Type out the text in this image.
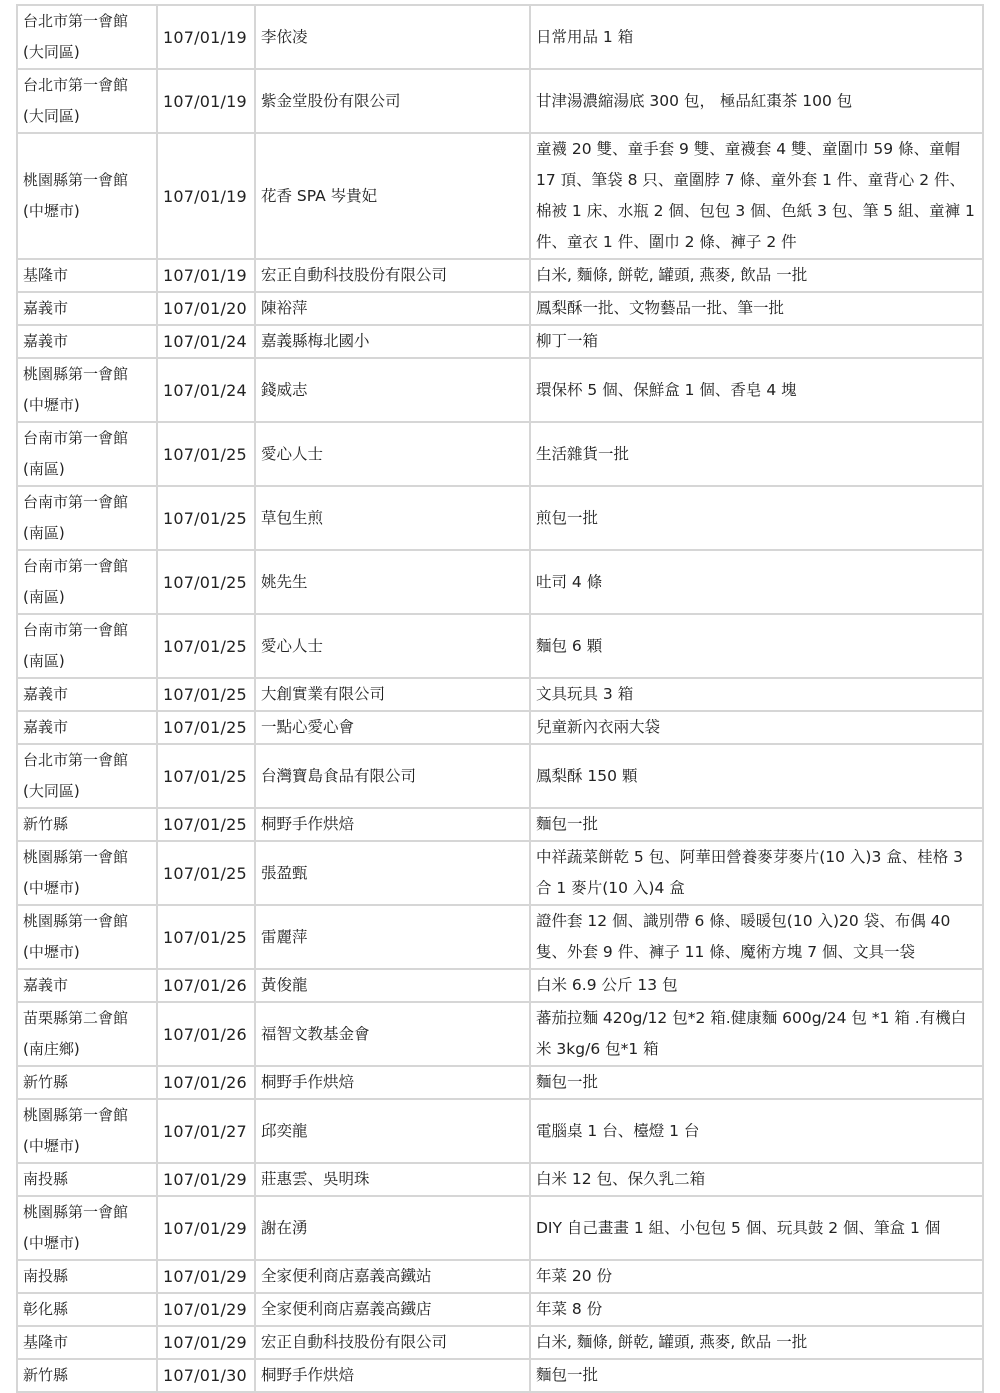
台北市第一會館
(大同區)	107/01/19	李依凌	日常用品 1 箱

台北市第一會館
(大同區)	107/01/19	紫金堂股份有限公司	甘津湯濃縮湯底 300 包， 極品紅棗茶 100 包

桃園縣第一會館
(中壢市)	107/01/19	花香 SPA 岑貴妃	童襪 20 雙、童手套 9 雙、童襪套 4 雙、童圍巾 59 條、童帽 17 頂、筆袋 8 只、童圍脖 7 條、童外套 1 件、童背心 2 件、棉被 1 床、水瓶 2 個、包包 3 個、色紙 3 包、筆 5 組、童褲 1 件、童衣 1 件、圍巾 2 條、褲子 2 件

基隆市	107/01/19	宏正自動科技股份有限公司	白米, 麵條, 餅乾, 罐頭, 燕麥, 飲品 一批

嘉義市	107/01/20	陳裕萍	鳳梨酥一批、文物藝品一批、筆一批

嘉義市	107/01/24	嘉義縣梅北國小	柳丁一箱

桃園縣第一會館
(中壢市)	107/01/24	錢威志	環保杯 5 個、保鮮盒 1 個、香皂 4 塊

台南市第一會館
(南區)	107/01/25	愛心人士	生活雜貨一批

台南市第一會館
(南區)	107/01/25	草包生煎	煎包一批

台南市第一會館
(南區)	107/01/25	姚先生	吐司 4 條

台南市第一會館
(南區)	107/01/25	愛心人士	麵包 6 顆

嘉義市	107/01/25	大創實業有限公司	文具玩具 3 箱

嘉義市	107/01/25	一點心愛心會	兒童新內衣兩大袋

台北市第一會館
(大同區)	107/01/25	台灣寶島食品有限公司	鳳梨酥 150 顆

新竹縣	107/01/25	桐野手作烘焙	麵包一批

桃園縣第一會館
(中壢市)	107/01/25	張盈甄	中祥蔬菜餅乾 5 包、阿華田營養麥芽麥片(10 入)3 盒、桂格 3 合 1 麥片(10 入)4 盒

桃園縣第一會館
(中壢市)	107/01/25	雷麗萍	證件套 12 個、識別帶 6 條、暖暖包(10 入)20 袋、布偶 40 隻、外套 9 件、褲子 11 條、魔術方塊 7 個、文具一袋

嘉義市	107/01/26	黃俊龍	白米 6.9 公斤 13 包

苗栗縣第二會館
(南庄鄉)	107/01/26	福智文教基金會	蕃茄拉麵 420g/12 包*2 箱.健康麵 600g/24 包 *1 箱 .有機白米 3kg/6 包*1 箱

新竹縣	107/01/26	桐野手作烘焙	麵包一批

桃園縣第一會館
(中壢市)	107/01/27	邱奕龍	電腦桌 1 台、檯燈 1 台

南投縣	107/01/29	莊惠雲、吳明珠	白米 12 包、保久乳二箱

桃園縣第一會館
(中壢市)	107/01/29	謝在湧	DIY 自己畫畫 1 組、小包包 5 個、玩具鼓 2 個、筆盒 1 個

南投縣	107/01/29	全家便利商店嘉義高鐵站	年菜 20 份

彰化縣	107/01/29	全家便利商店嘉義高鐵店	年菜 8 份

基隆市	107/01/29	宏正自動科技股份有限公司	白米, 麵條, 餅乾, 罐頭, 燕麥, 飲品 一批

新竹縣	107/01/30	桐野手作烘焙	麵包一批
